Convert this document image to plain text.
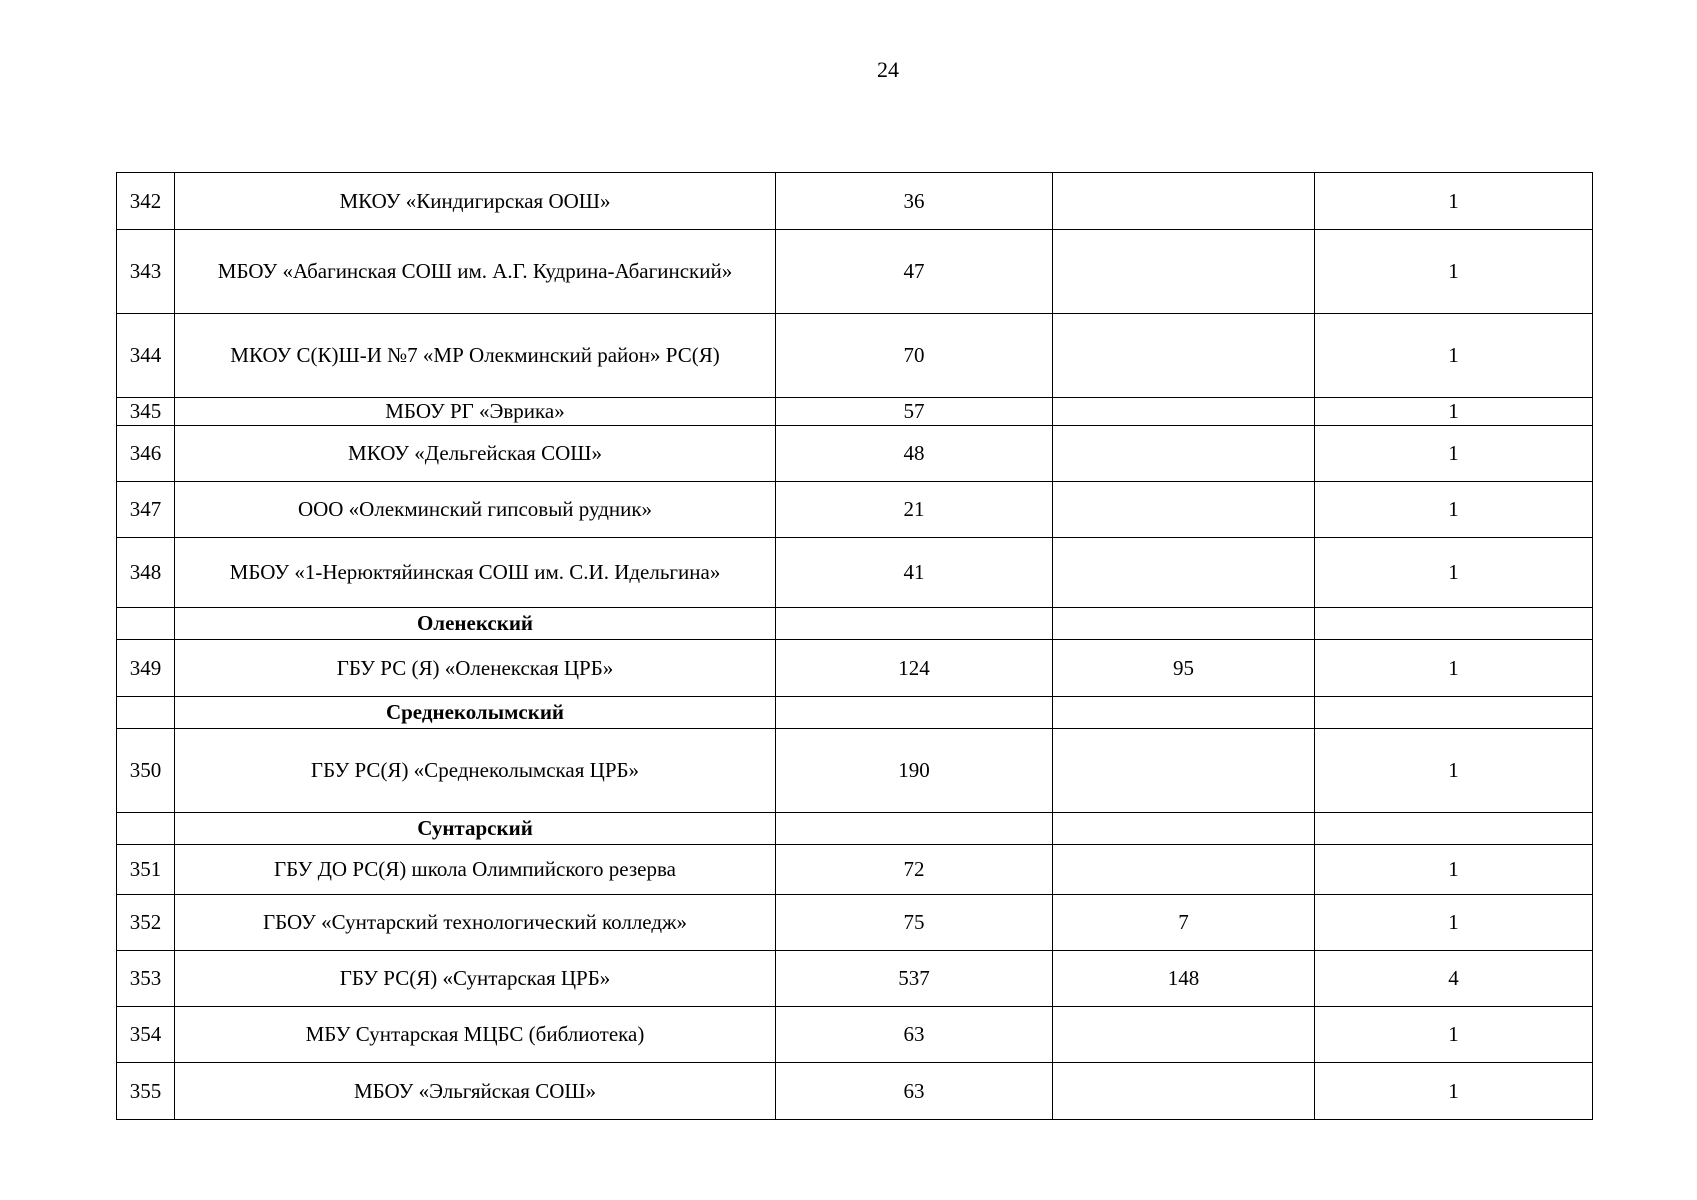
24
342	МКОУ «Киндигирская ООШ»	36		1
343	МБОУ «Абагинская СОШ им. А.Г. Кудрина-Абагинский»	47		1
344	МКОУ С(К)Ш-И №7 «МР Олекминский район» РС(Я)	70		1
345	МБОУ РГ «Эврика»	57		1
346	МКОУ «Дельгейская СОШ»	48		1
347	ООО «Олекминский гипсовый рудник»	21		1
348	МБОУ «1-Нерюктяйинская СОШ им. С.И. Идельгина»	41		1
	Оленекский			
349	ГБУ РС (Я) «Оленекская ЦРБ»	124	95	1
	Среднеколымский			
350	ГБУ РС(Я) «Среднеколымская ЦРБ»	190		1
	Сунтарский			
351	ГБУ ДО РС(Я) школа Олимпийского резерва	72		1
352	ГБОУ «Сунтарский технологический колледж»	75	7	1
353	ГБУ РС(Я) «Сунтарская ЦРБ»	537	148	4
354	МБУ Сунтарская МЦБС (библиотека)	63		1
355	МБОУ «Эльгяйская СОШ»	63		1
